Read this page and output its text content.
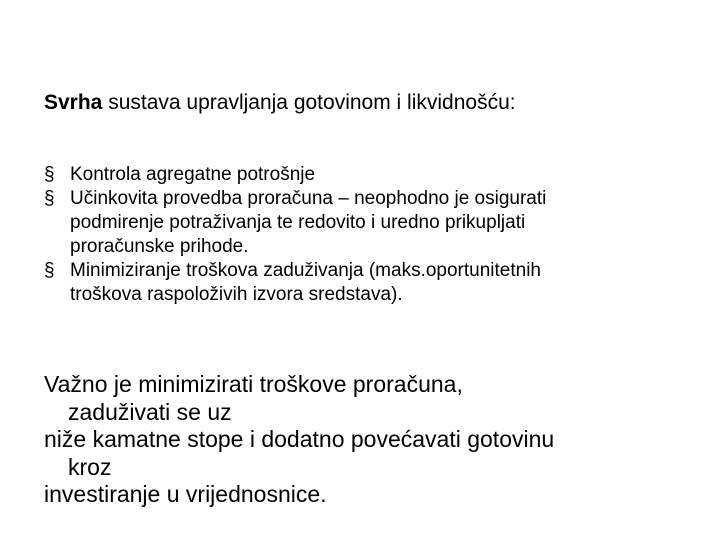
Svrha sustava upravljanja gotovinom i likvidnošću:
§ Kontrola agregatne potrošnje
§ Učinkovita provedba proračuna – neophodno je osigurati
podmirenje potraživanja te redovito i uredno prikupljati
proračunske prihode.
§ Minimiziranje troškova zaduživanja (maks.oportunitetnih
troškova raspoloživih izvora sredstava).
Važno je minimizirati troškove proračuna,
zaduživati se uz
niže kamatne stope i dodatno povećavati gotovinu
kroz
investiranje u vrijednosnice.
